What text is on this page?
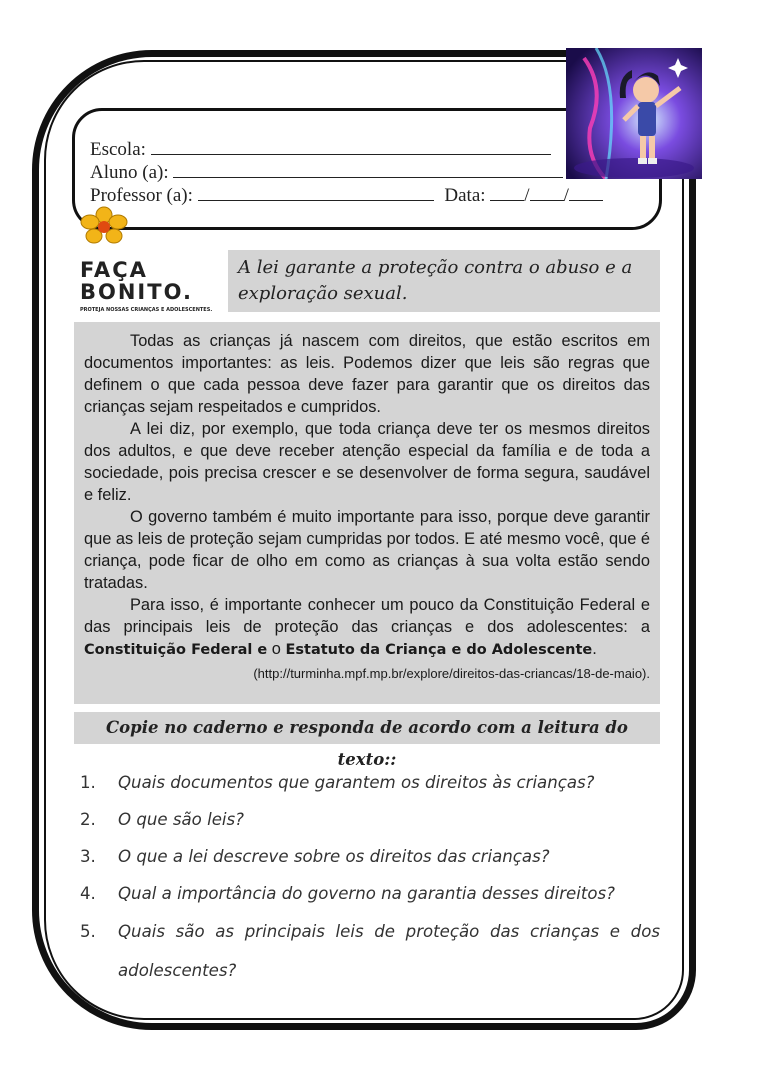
Escola:
Aluno (a):
Professor (a):	Data: / /
FAÇA BONITO.
PROTEJA NOSSAS CRIANÇAS E ADOLESCENTES.
A lei garante a proteção contra o abuso e a exploração sexual.

Todas as crianças já nascem com direitos, que estão escritos em documentos importantes: as leis. Podemos dizer que leis são regras que definem o que cada pessoa deve fazer para garantir que os direitos das crianças sejam respeitados e cumpridos.

A lei diz, por exemplo, que toda criança deve ter os mesmos direitos dos adultos, e que deve receber atenção especial da família e de toda a sociedade, pois precisa crescer e se desenvolver de forma segura, saudável e feliz.

O governo também é muito importante para isso, porque deve garantir que as leis de proteção sejam cumpridas por todos. E até mesmo você, que é criança, pode ficar de olho em como as crianças à sua volta estão sendo tratadas.

Para isso, é importante conhecer um pouco da Constituição Federal e das principais leis de proteção das crianças e dos adolescentes: a Constituição Federal e o Estatuto da Criança e do Adolescente.

(http://turminha.mpf.mp.br/explore/direitos-das-criancas/18-de-maio).
Copie no caderno e responda de acordo com a leitura do texto::
1.	Quais documentos que garantem os direitos às crianças?
2.	O que são leis?
3.	O que a lei descreve sobre os direitos das crianças?
4.	Qual a importância do governo na garantia desses direitos?
5.	Quais são as principais leis de proteção das crianças e dos adolescentes?
